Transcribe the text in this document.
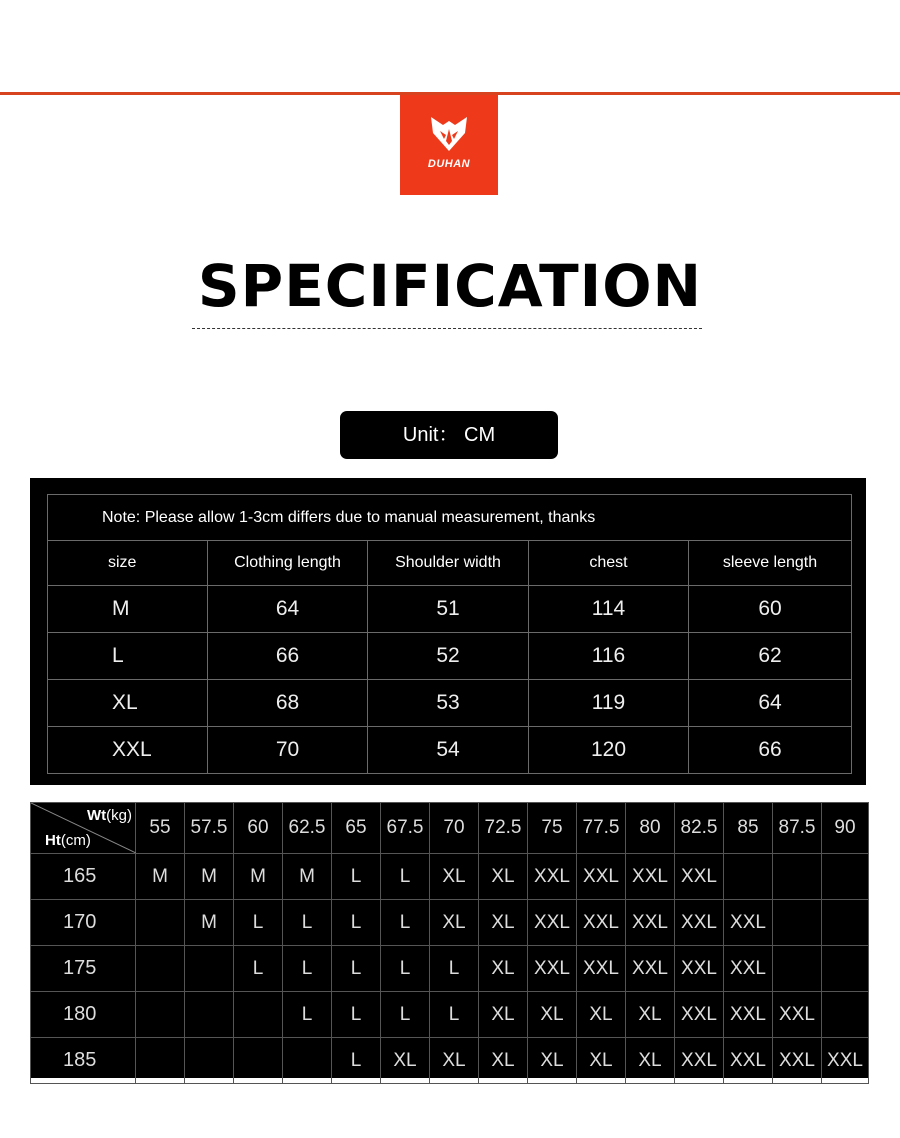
DUHAN
SPECIFICATION
Unit： CM
Note: Please allow 1-3cm differs due to manual measurement, thanks				
size	Clothing length	Shoulder width	chest	sleeve length
M	64	51	114	60
L	66	52	116	62
XL	68	53	119	64
XXL	70	54	120	66
Wt(kg)
Ht(cm)	55	57.5	60	62.5	65	67.5	70	72.5	75	77.5	80	82.5	85	87.5	90
165	M	M	M	M	L	L	XL	XL	XXL	XXL	XXL	XXL			
170		M	L	L	L	L	XL	XL	XXL	XXL	XXL	XXL	XXL		
175			L	L	L	L	L	XL	XXL	XXL	XXL	XXL	XXL		
180				L	L	L	L	XL	XL	XL	XL	XXL	XXL	XXL	
185					L	XL	XL	XL	XL	XL	XL	XXL	XXL	XXL	XXL
